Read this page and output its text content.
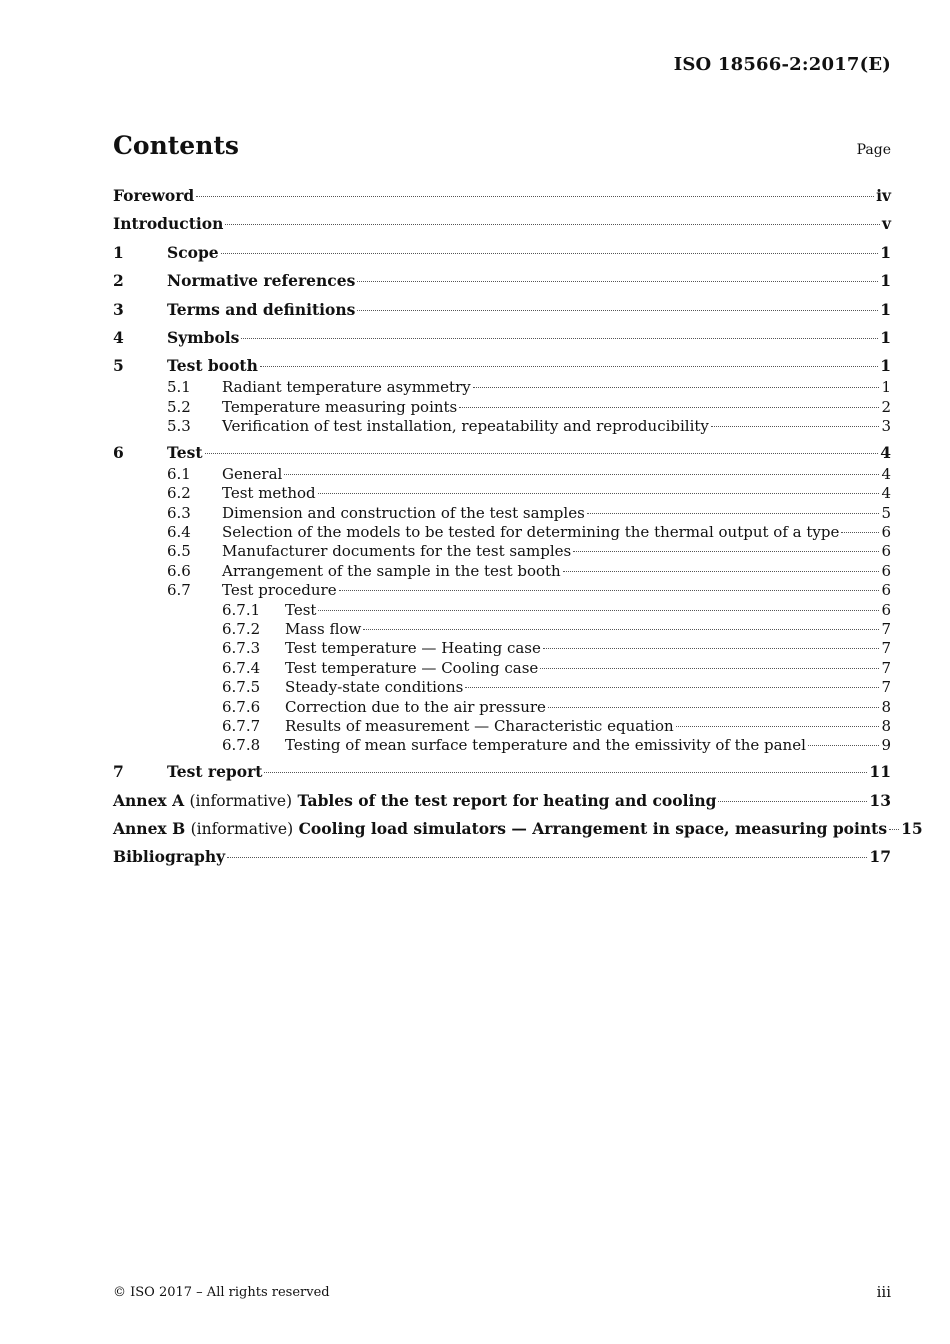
ISO 18566-2:2017(E)
Contents	Page
Foreword	iv
Introduction	v
1	Scope	1
2	Normative references	1
3	Terms and definitions	1
4	Symbols	1
5	Test booth	1
5.1	Radiant temperature asymmetry	1
5.2	Temperature measuring points	2
5.3	Verification of test installation, repeatability and reproducibility	3
6	Test	4
6.1	General	4
6.2	Test method	4
6.3	Dimension and construction of the test samples	5
6.4	Selection of the models to be tested for determining the thermal output of a type	6
6.5	Manufacturer documents for the test samples	6
6.6	Arrangement of the sample in the test booth	6
6.7	Test procedure	6
6.7.1	Test	6
6.7.2	Mass flow	7
6.7.3	Test temperature — Heating case	7
6.7.4	Test temperature — Cooling case	7
6.7.5	Steady-state conditions	7
6.7.6	Correction due to the air pressure	8
6.7.7	Results of measurement — Characteristic equation	8
6.7.8	Testing of mean surface temperature and the emissivity of the panel	9
7	Test report	11
Annex A (informative) Tables of the test report for heating and cooling	13
Annex B (informative) Cooling load simulators — Arrangement in space, measuring points 15
Bibliography	17
© ISO 2017 – All rights reserved	iii
